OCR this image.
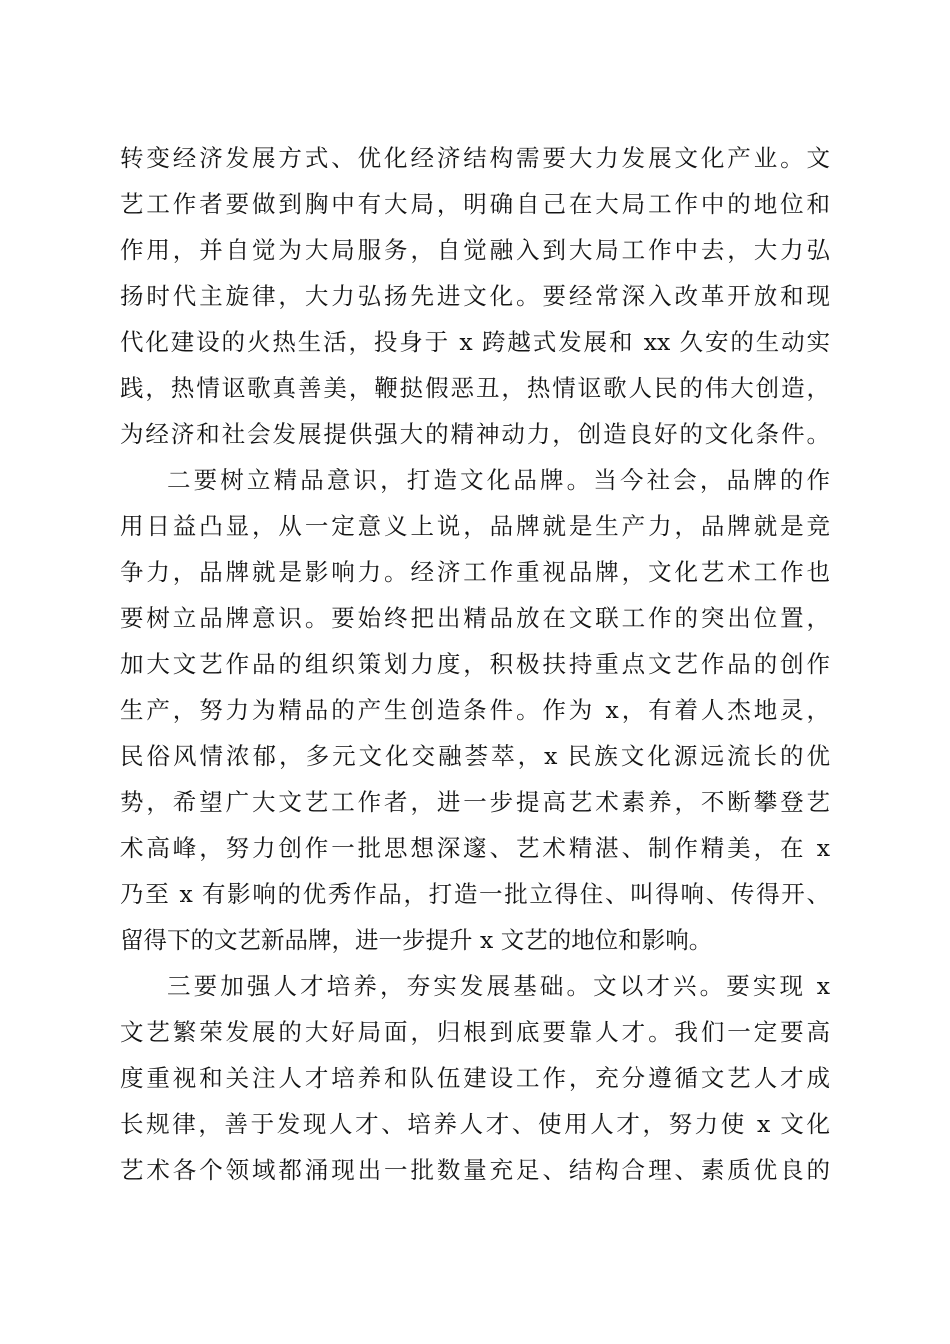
转变经济发展方式、优化经济结构需要大力发展文化产业。文
艺工作者要做到胸中有大局，明确自己在大局工作中的地位和
作用，并自觉为大局服务，自觉融入到大局工作中去，大力弘
扬时代主旋律，大力弘扬先进文化。要经常深入改革开放和现
代化建设的火热生活，投身于 x 跨越式发展和 xx 久安的生动实
践，热情讴歌真善美，鞭挞假恶丑，热情讴歌人民的伟大创造，
为经济和社会发展提供强大的精神动力，创造良好的文化条件。
二要树立精品意识，打造文化品牌。当今社会，品牌的作
用日益凸显，从一定意义上说，品牌就是生产力，品牌就是竞
争力，品牌就是影响力。经济工作重视品牌，文化艺术工作也
要树立品牌意识。要始终把出精品放在文联工作的突出位置，
加大文艺作品的组织策划力度，积极扶持重点文艺作品的创作
生产，努力为精品的产生创造条件。作为 x，有着人杰地灵，
民俗风情浓郁，多元文化交融荟萃，x 民族文化源远流长的优
势，希望广大文艺工作者，进一步提高艺术素养，不断攀登艺
术高峰，努力创作一批思想深邃、艺术精湛、制作精美，在 x
乃至 x 有影响的优秀作品，打造一批立得住、叫得响、传得开、
留得下的文艺新品牌，进一步提升 x 文艺的地位和影响。
三要加强人才培养，夯实发展基础。文以才兴。要实现 x
文艺繁荣发展的大好局面，归根到底要靠人才。我们一定要高
度重视和关注人才培养和队伍建设工作，充分遵循文艺人才成
长规律，善于发现人才、培养人才、使用人才，努力使 x 文化
艺术各个领域都涌现出一批数量充足、结构合理、素质优良的
